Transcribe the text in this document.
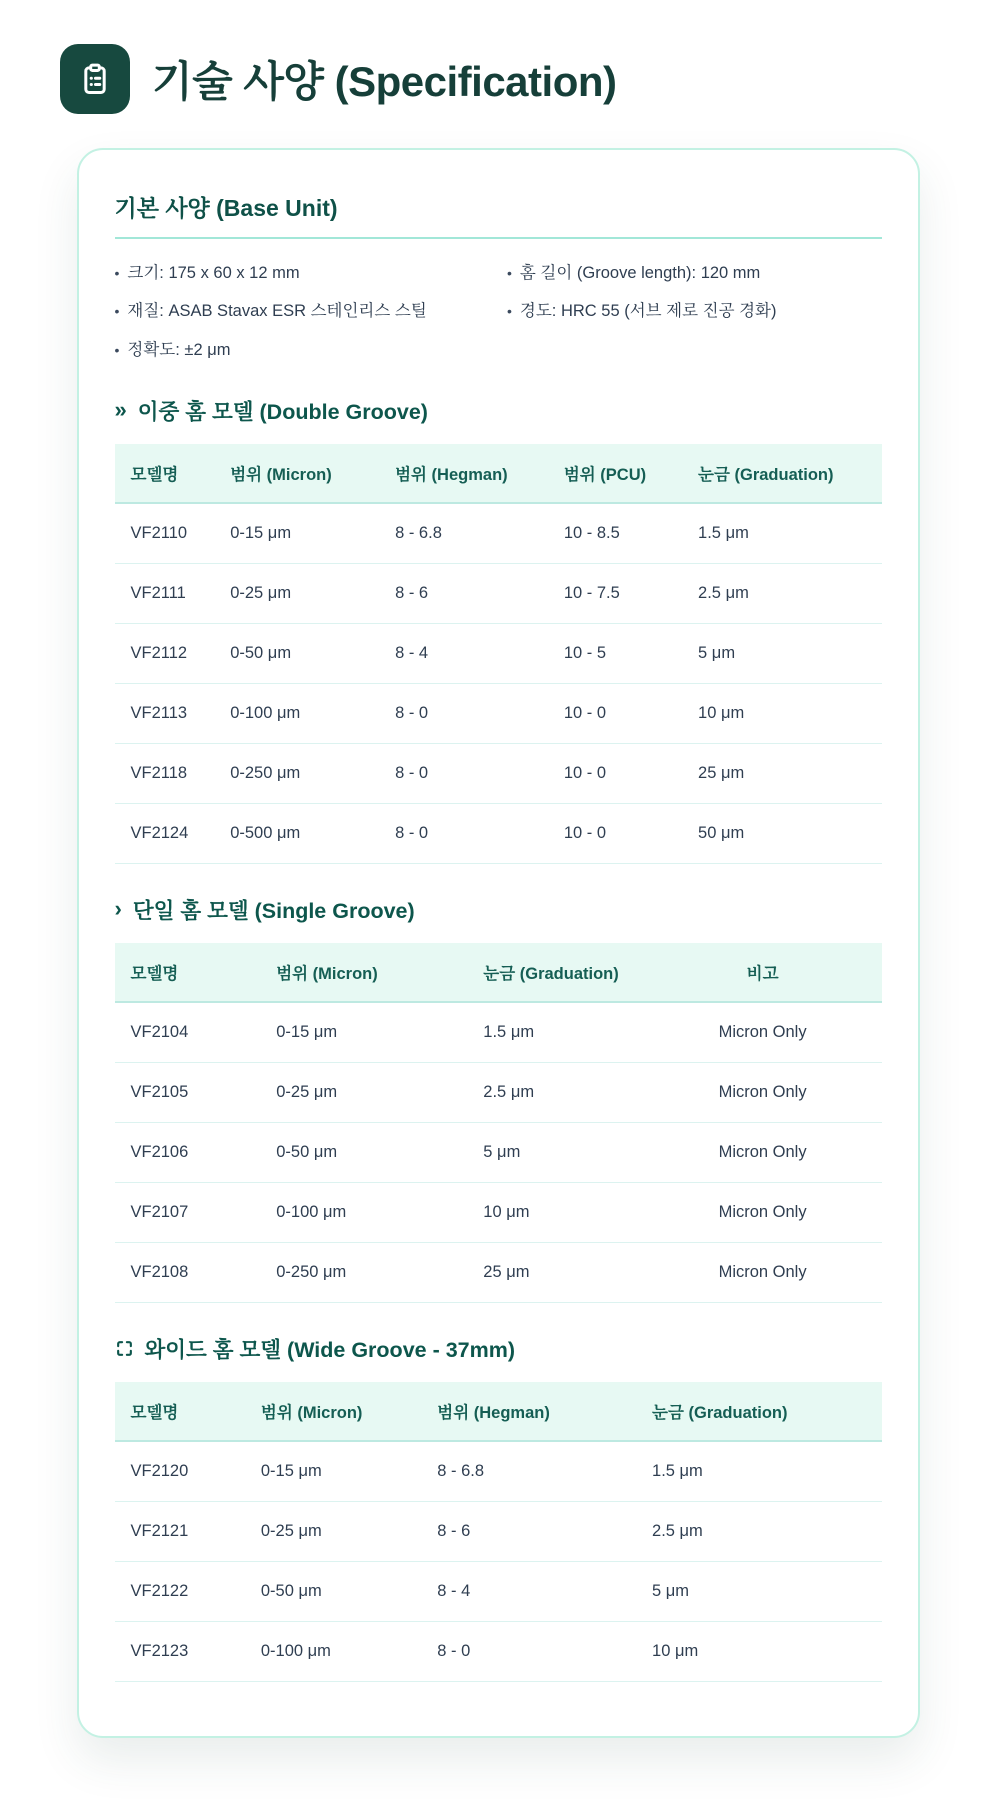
기술 사양 (Specification)
기본 사양 (Base Unit)
• 크기: 175 x 60 x 12 mm	• 홈 길이 (Groove length): 120 mm
• 재질: ASAB Stavax ESR 스테인리스 스틸	• 경도: HRC 55 (서브 제로 진공 경화)
• 정확도: ±2 μm
» 이중 홈 모델 (Double Groove)
모델명	범위 (Micron)	범위 (Hegman)	범위 (PCU)	눈금 (Graduation)
VF2110	0-15 μm	8 - 6.8	10 - 8.5	1.5 μm
VF2111	0-25 μm	8 - 6	10 - 7.5	2.5 μm
VF2112	0-50 μm	8 - 4	10 - 5	5 μm
VF2113	0-100 μm	8 - 0	10 - 0	10 μm
VF2118	0-250 μm	8 - 0	10 - 0	25 μm
VF2124	0-500 μm	8 - 0	10 - 0	50 μm
› 단일 홈 모델 (Single Groove)
모델명	범위 (Micron)	눈금 (Graduation)	비고
VF2104	0-15 μm	1.5 μm	Micron Only
VF2105	0-25 μm	2.5 μm	Micron Only
VF2106	0-50 μm	5 μm	Micron Only
VF2107	0-100 μm	10 μm	Micron Only
VF2108	0-250 μm	25 μm	Micron Only
와이드 홈 모델 (Wide Groove - 37mm)
모델명	범위 (Micron)	범위 (Hegman)	눈금 (Graduation)
VF2120	0-15 μm	8 - 6.8	1.5 μm
VF2121	0-25 μm	8 - 6	2.5 μm
VF2122	0-50 μm	8 - 4	5 μm
VF2123	0-100 μm	8 - 0	10 μm
